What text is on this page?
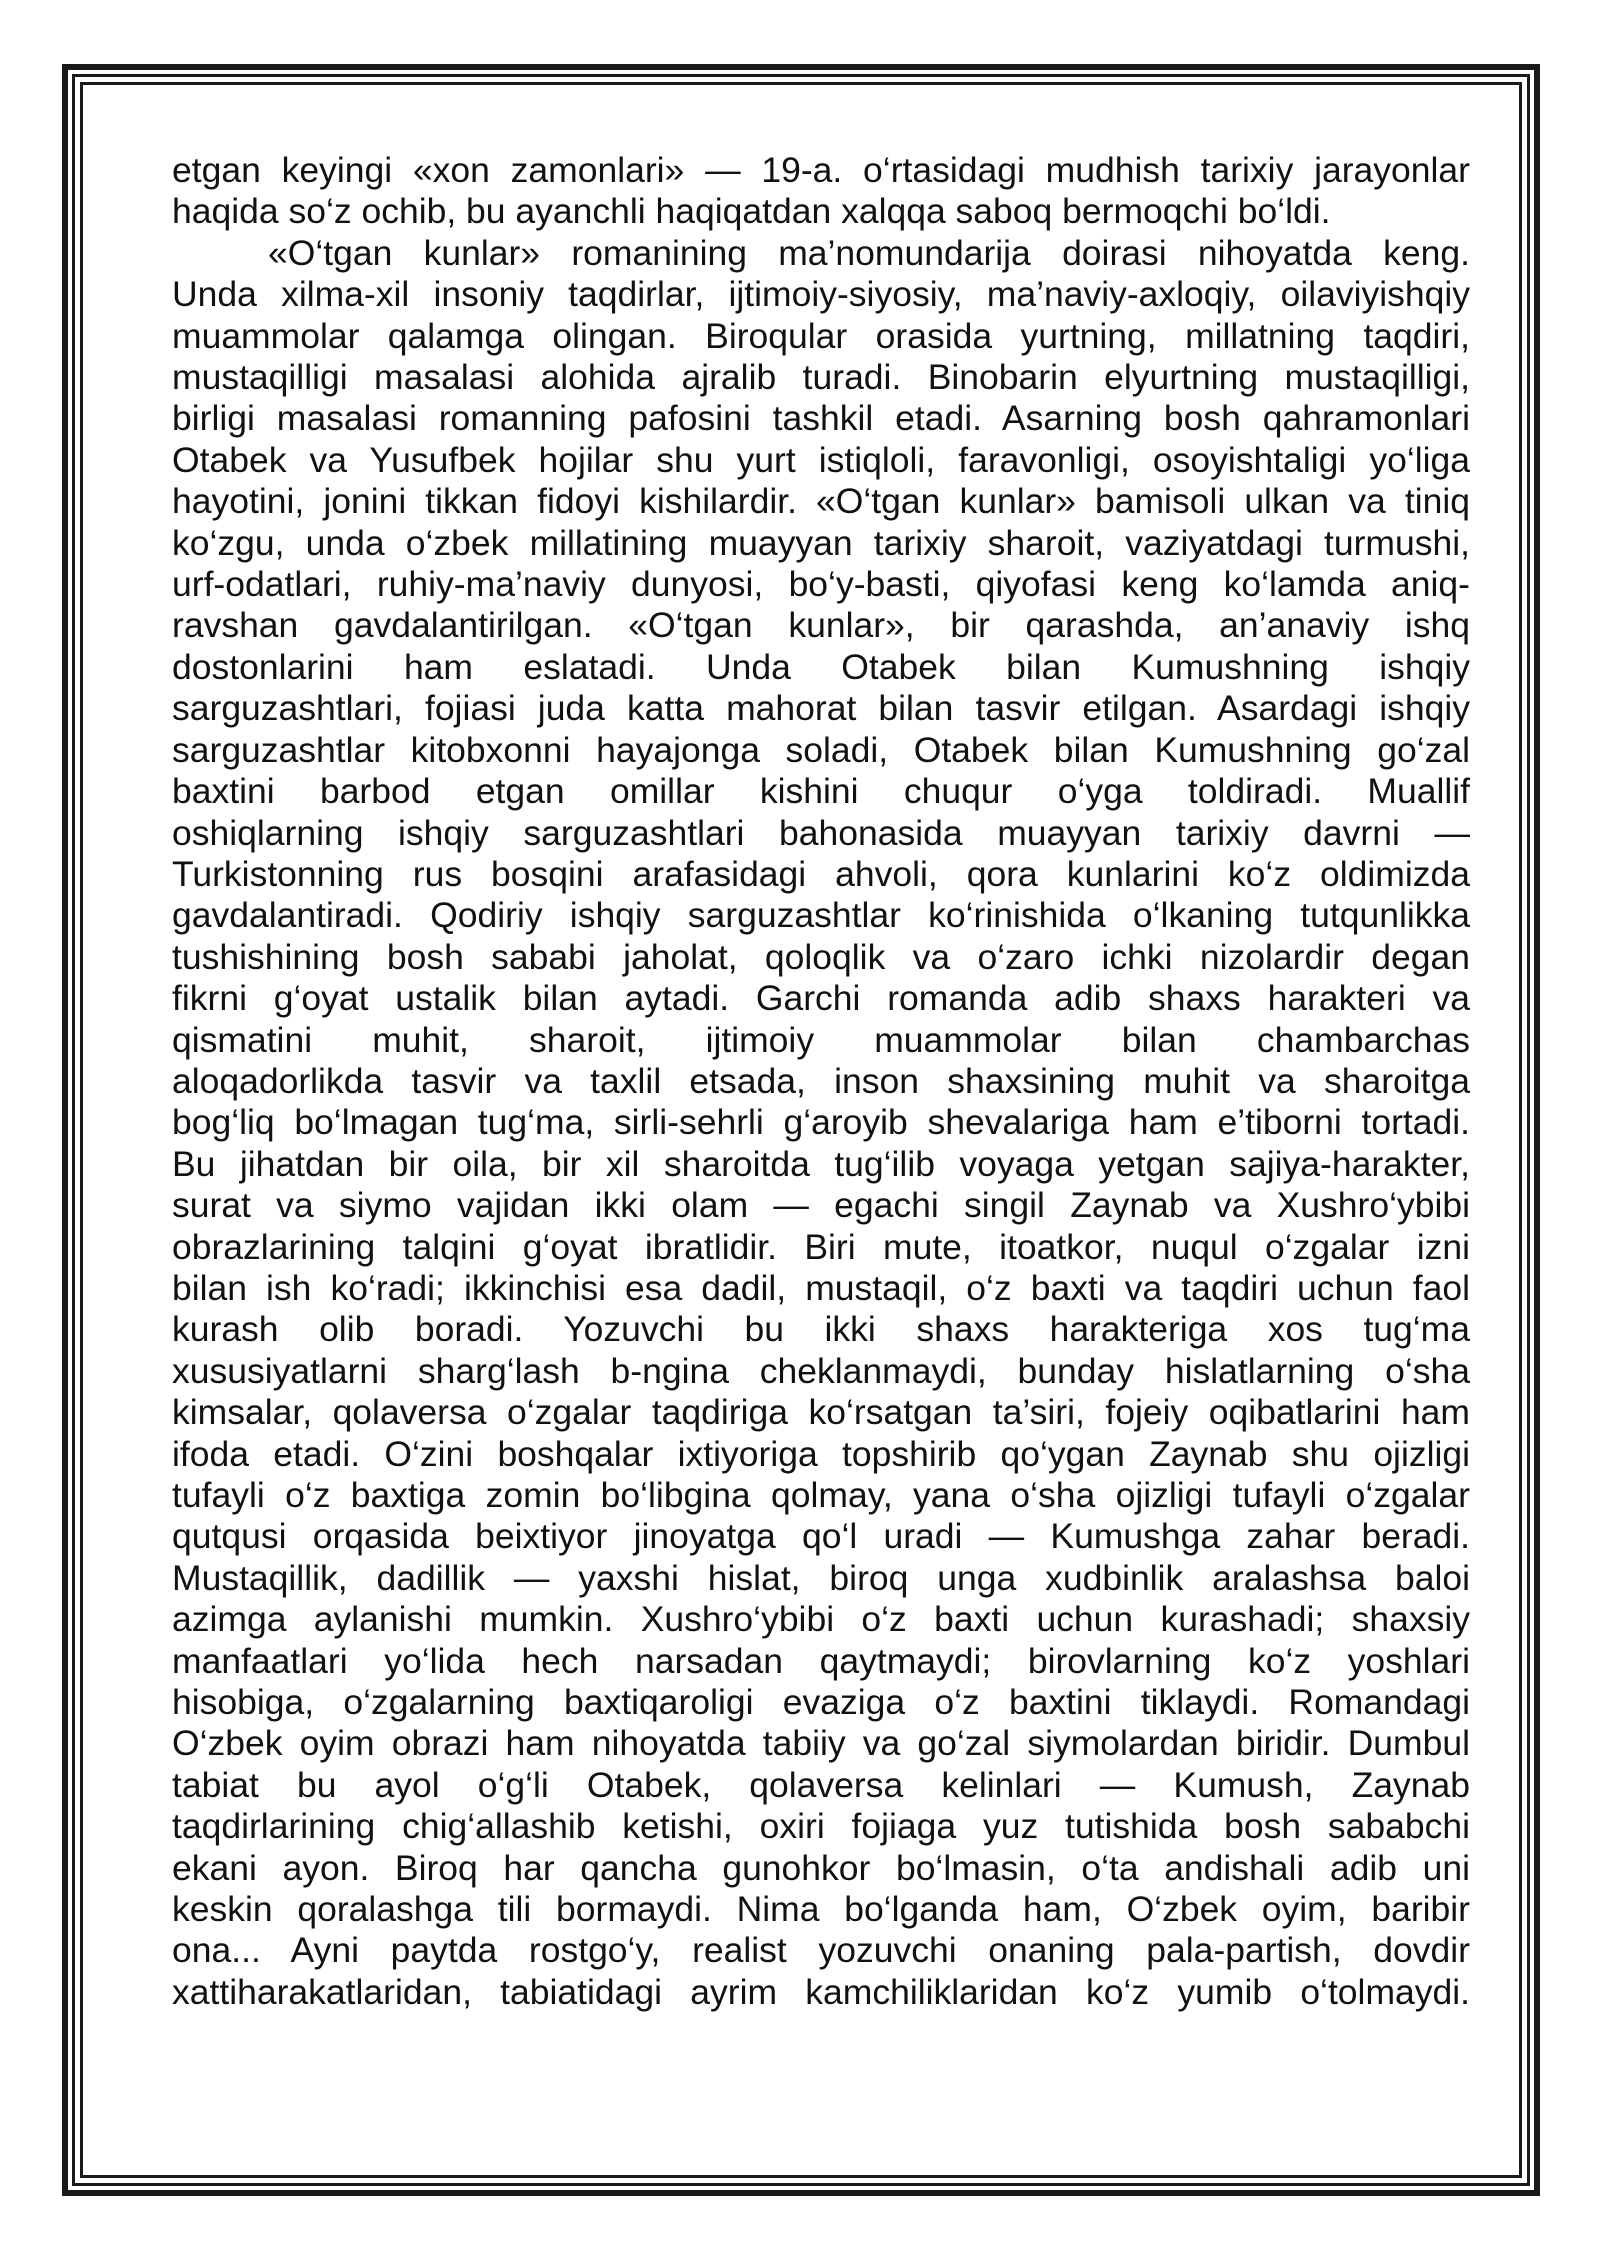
etgan keyingi «xon zamonlari» — 19-a. o‘rtasidagi mudhish tarixiy jarayonlar
haqida so‘z ochib, bu ayanchli haqiqatdan xalqqa saboq bermoqchi bo‘ldi.
«O‘tgan kunlar» romanining ma’nomundarija doirasi nihoyatda keng.
Unda xilma-xil insoniy taqdirlar, ijtimoiy-siyosiy, ma’naviy-axloqiy, oilaviyishqiy
muammolar qalamga olingan. Biroqular orasida yurtning, millatning taqdiri,
mustaqilligi masalasi alohida ajralib turadi. Binobarin elyurtning mustaqilligi,
birligi masalasi romanning pafosini tashkil etadi. Asarning bosh qahramonlari
Otabek va Yusufbek hojilar shu yurt istiqloli, faravonligi, osoyishtaligi yo‘liga
hayotini, jonini tikkan fidoyi kishilardir. «O‘tgan kunlar» bamisoli ulkan va tiniq
ko‘zgu, unda o‘zbek millatining muayyan tarixiy sharoit, vaziyatdagi turmushi,
urf-odatlari, ruhiy-ma’naviy dunyosi, bo‘y-basti, qiyofasi keng ko‘lamda aniq-
ravshan gavdalantirilgan. «O‘tgan kunlar», bir qarashda, an’anaviy ishq
dostonlarini ham eslatadi. Unda Otabek bilan Kumushning ishqiy
sarguzashtlari, fojiasi juda katta mahorat bilan tasvir etilgan. Asardagi ishqiy
sarguzashtlar kitobxonni hayajonga soladi, Otabek bilan Kumushning go‘zal
baxtini barbod etgan omillar kishini chuqur o‘yga toldiradi. Muallif
oshiqlarning ishqiy sarguzashtlari bahonasida muayyan tarixiy davrni —
Turkistonning rus bosqini arafasidagi ahvoli, qora kunlarini ko‘z oldimizda
gavdalantiradi. Qodiriy ishqiy sarguzashtlar ko‘rinishida o‘lkaning tutqunlikka
tushishining bosh sababi jaholat, qoloqlik va o‘zaro ichki nizolardir degan
fikrni g‘oyat ustalik bilan aytadi. Garchi romanda adib shaxs harakteri va
qismatini muhit, sharoit, ijtimoiy muammolar bilan chambarchas
aloqadorlikda tasvir va taxlil etsada, inson shaxsining muhit va sharoitga
bog‘liq bo‘lmagan tug‘ma, sirli-sehrli g‘aroyib shevalariga ham e’tiborni tortadi.
Bu jihatdan bir oila, bir xil sharoitda tug‘ilib voyaga yetgan sajiya-harakter,
surat va siymo vajidan ikki olam — egachi singil Zaynab va Xushro‘ybibi
obrazlarining talqini g‘oyat ibratlidir. Biri mute, itoatkor, nuqul o‘zgalar izni
bilan ish ko‘radi; ikkinchisi esa dadil, mustaqil, o‘z baxti va taqdiri uchun faol
kurash olib boradi. Yozuvchi bu ikki shaxs harakteriga xos tug‘ma
xususiyatlarni sharg‘lash b-ngina cheklanmaydi, bunday hislatlarning o‘sha
kimsalar, qolaversa o‘zgalar taqdiriga ko‘rsatgan ta’siri, fojeiy oqibatlarini ham
ifoda etadi. O‘zini boshqalar ixtiyoriga topshirib qo‘ygan Zaynab shu ojizligi
tufayli o‘z baxtiga zomin bo‘libgina qolmay, yana o‘sha ojizligi tufayli o‘zgalar
qutqusi orqasida beixtiyor jinoyatga qo‘l uradi — Kumushga zahar beradi.
Mustaqillik, dadillik — yaxshi hislat, biroq unga xudbinlik aralashsa baloi
azimga aylanishi mumkin. Xushro‘ybibi o‘z baxti uchun kurashadi; shaxsiy
manfaatlari yo‘lida hech narsadan qaytmaydi; birovlarning ko‘z yoshlari
hisobiga, o‘zgalarning baxtiqaroligi evaziga o‘z baxtini tiklaydi. Romandagi
O‘zbek oyim obrazi ham nihoyatda tabiiy va go‘zal siymolardan biridir. Dumbul
tabiat bu ayol o‘g‘li Otabek, qolaversa kelinlari — Kumush, Zaynab
taqdirlarining chig‘allashib ketishi, oxiri fojiaga yuz tutishida bosh sababchi
ekani ayon. Biroq har qancha gunohkor bo‘lmasin, o‘ta andishali adib uni
keskin qoralashga tili bormaydi. Nima bo‘lganda ham, O‘zbek oyim, baribir
ona... Ayni paytda rostgo‘y, realist yozuvchi onaning pala-partish, dovdir
xattiharakatlaridan, tabiatidagi ayrim kamchiliklaridan ko‘z yumib o‘tolmaydi.
